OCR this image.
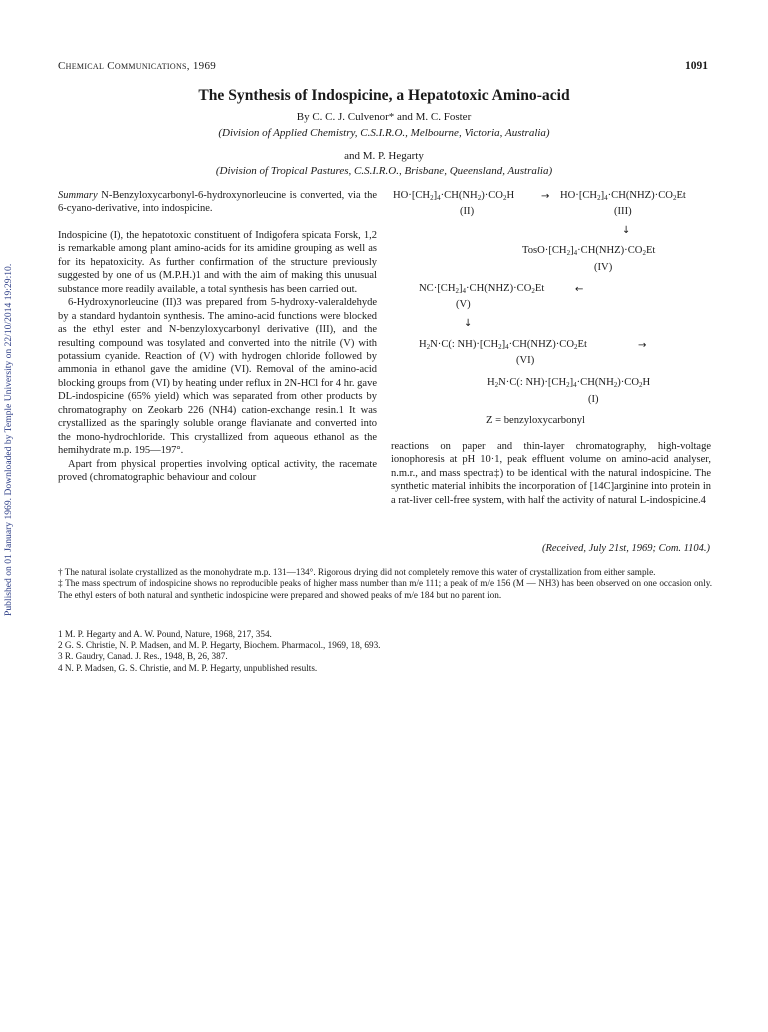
Published on 01 January 1969. Downloaded by Temple University on 22/10/2014 19:29:10.
Chemical Communications, 1969	1091
The Synthesis of Indospicine, a Hepatotoxic Amino-acid
By C. C. J. Culvenor* and M. C. Foster
(Division of Applied Chemistry, C.S.I.R.O., Melbourne, Victoria, Australia)
and M. P. Hegarty
(Division of Tropical Pastures, C.S.I.R.O., Brisbane, Queensland, Australia)

Summary N-Benzyloxycarbonyl-6-hydroxynorleucine is converted, via the 6-cyano-derivative, into indospicine.

Indospicine (I), the hepatotoxic constituent of Indigofera spicata Forsk, 1,2 is remarkable among plant amino-acids for its amidine grouping as well as for its hepatoxicity. As further confirmation of the structure previously suggested by one of us (M.P.H.)1 and with the aim of making this unusual substance more readily available, a total synthesis has been carried out.

6-Hydroxynorleucine (II)3 was prepared from 5-hydroxy-valeraldehyde by a standard hydantoin synthesis. The amino-acid functions were blocked as the ethyl ester and N-benzyloxycarbonyl derivative (III), and the resulting compound was tosylated and converted into the nitrile (V) with potassium cyanide. Reaction of (V) with hydrogen chloride followed by ammonia in ethanol gave the amidine (VI). Removal of the amino-acid blocking groups from (VI) by heating under reflux in 2N-HCl for 4 hr. gave DL-indospicine (65% yield) which was separated from other products by chromatography on Zeokarb 226 (NH4) cation-exchange resin.1 It was crystallized as the sparingly soluble orange flavianate and converted into the mono-hydrochloride. This crystallized from aqueous ethanol as the hemihydrate m.p. 195—197°.

Apart from physical properties involving optical activity, the racemate proved (chromatographic behaviour and colour

$HO\cdot[CH_2]_4\cdot CH(NH_2)\cdot CO_2H$	→ $HO\cdot[CH_2]_4\cdot CH(NHZ)\cdot CO_2Et$
(II)	(III)
↓
$TosO\cdot[CH_2]_4\cdot CH(NHZ)\cdot CO_2Et$
(IV)
$NC\cdot[CH_2]_4\cdot CH(NHZ)\cdot CO_2Et$	←
(V)
↓
$H_2N\cdot C$(: $NH)\cdot[CH_2]_4\cdot CH(NHZ)\cdot CO_2Et$	→
(VI)
$H_2N\cdot C$(: $NH)\cdot[CH_2]_4\cdot CH(NH_2)\cdot CO_2H$
(I)
Z = benzyloxycarbonyl
reactions on paper and thin-layer chromatography, high-voltage ionophoresis at pH 10·1, peak effluent volume on amino-acid analyser, n.m.r., and mass spectra‡) to be identical with the natural indospicine. The synthetic material inhibits the incorporation of [14C]arginine into protein in a rat-liver cell-free system, with half the activity of natural L-indospicine.4
(Received, July 21st, 1969; Com. 1104.)

† The natural isolate crystallized as the monohydrate m.p. 131—134°. Rigorous drying did not completely remove this water of crystallization from either sample.

‡ The mass spectrum of indospicine shows no reproducible peaks of higher mass number than m/e 111; a peak of m/e 156 (M — NH3) has been observed on one occasion only. The ethyl esters of both natural and synthetic indospicine were prepared and showed peaks of m/e 184 but no parent ion.

1 M. P. Hegarty and A. W. Pound, Nature, 1968, 217, 354.

2 G. S. Christie, N. P. Madsen, and M. P. Hegarty, Biochem. Pharmacol., 1969, 18, 693.

3 R. Gaudry, Canad. J. Res., 1948, B, 26, 387.

4 N. P. Madsen, G. S. Christie, and M. P. Hegarty, unpublished results.
